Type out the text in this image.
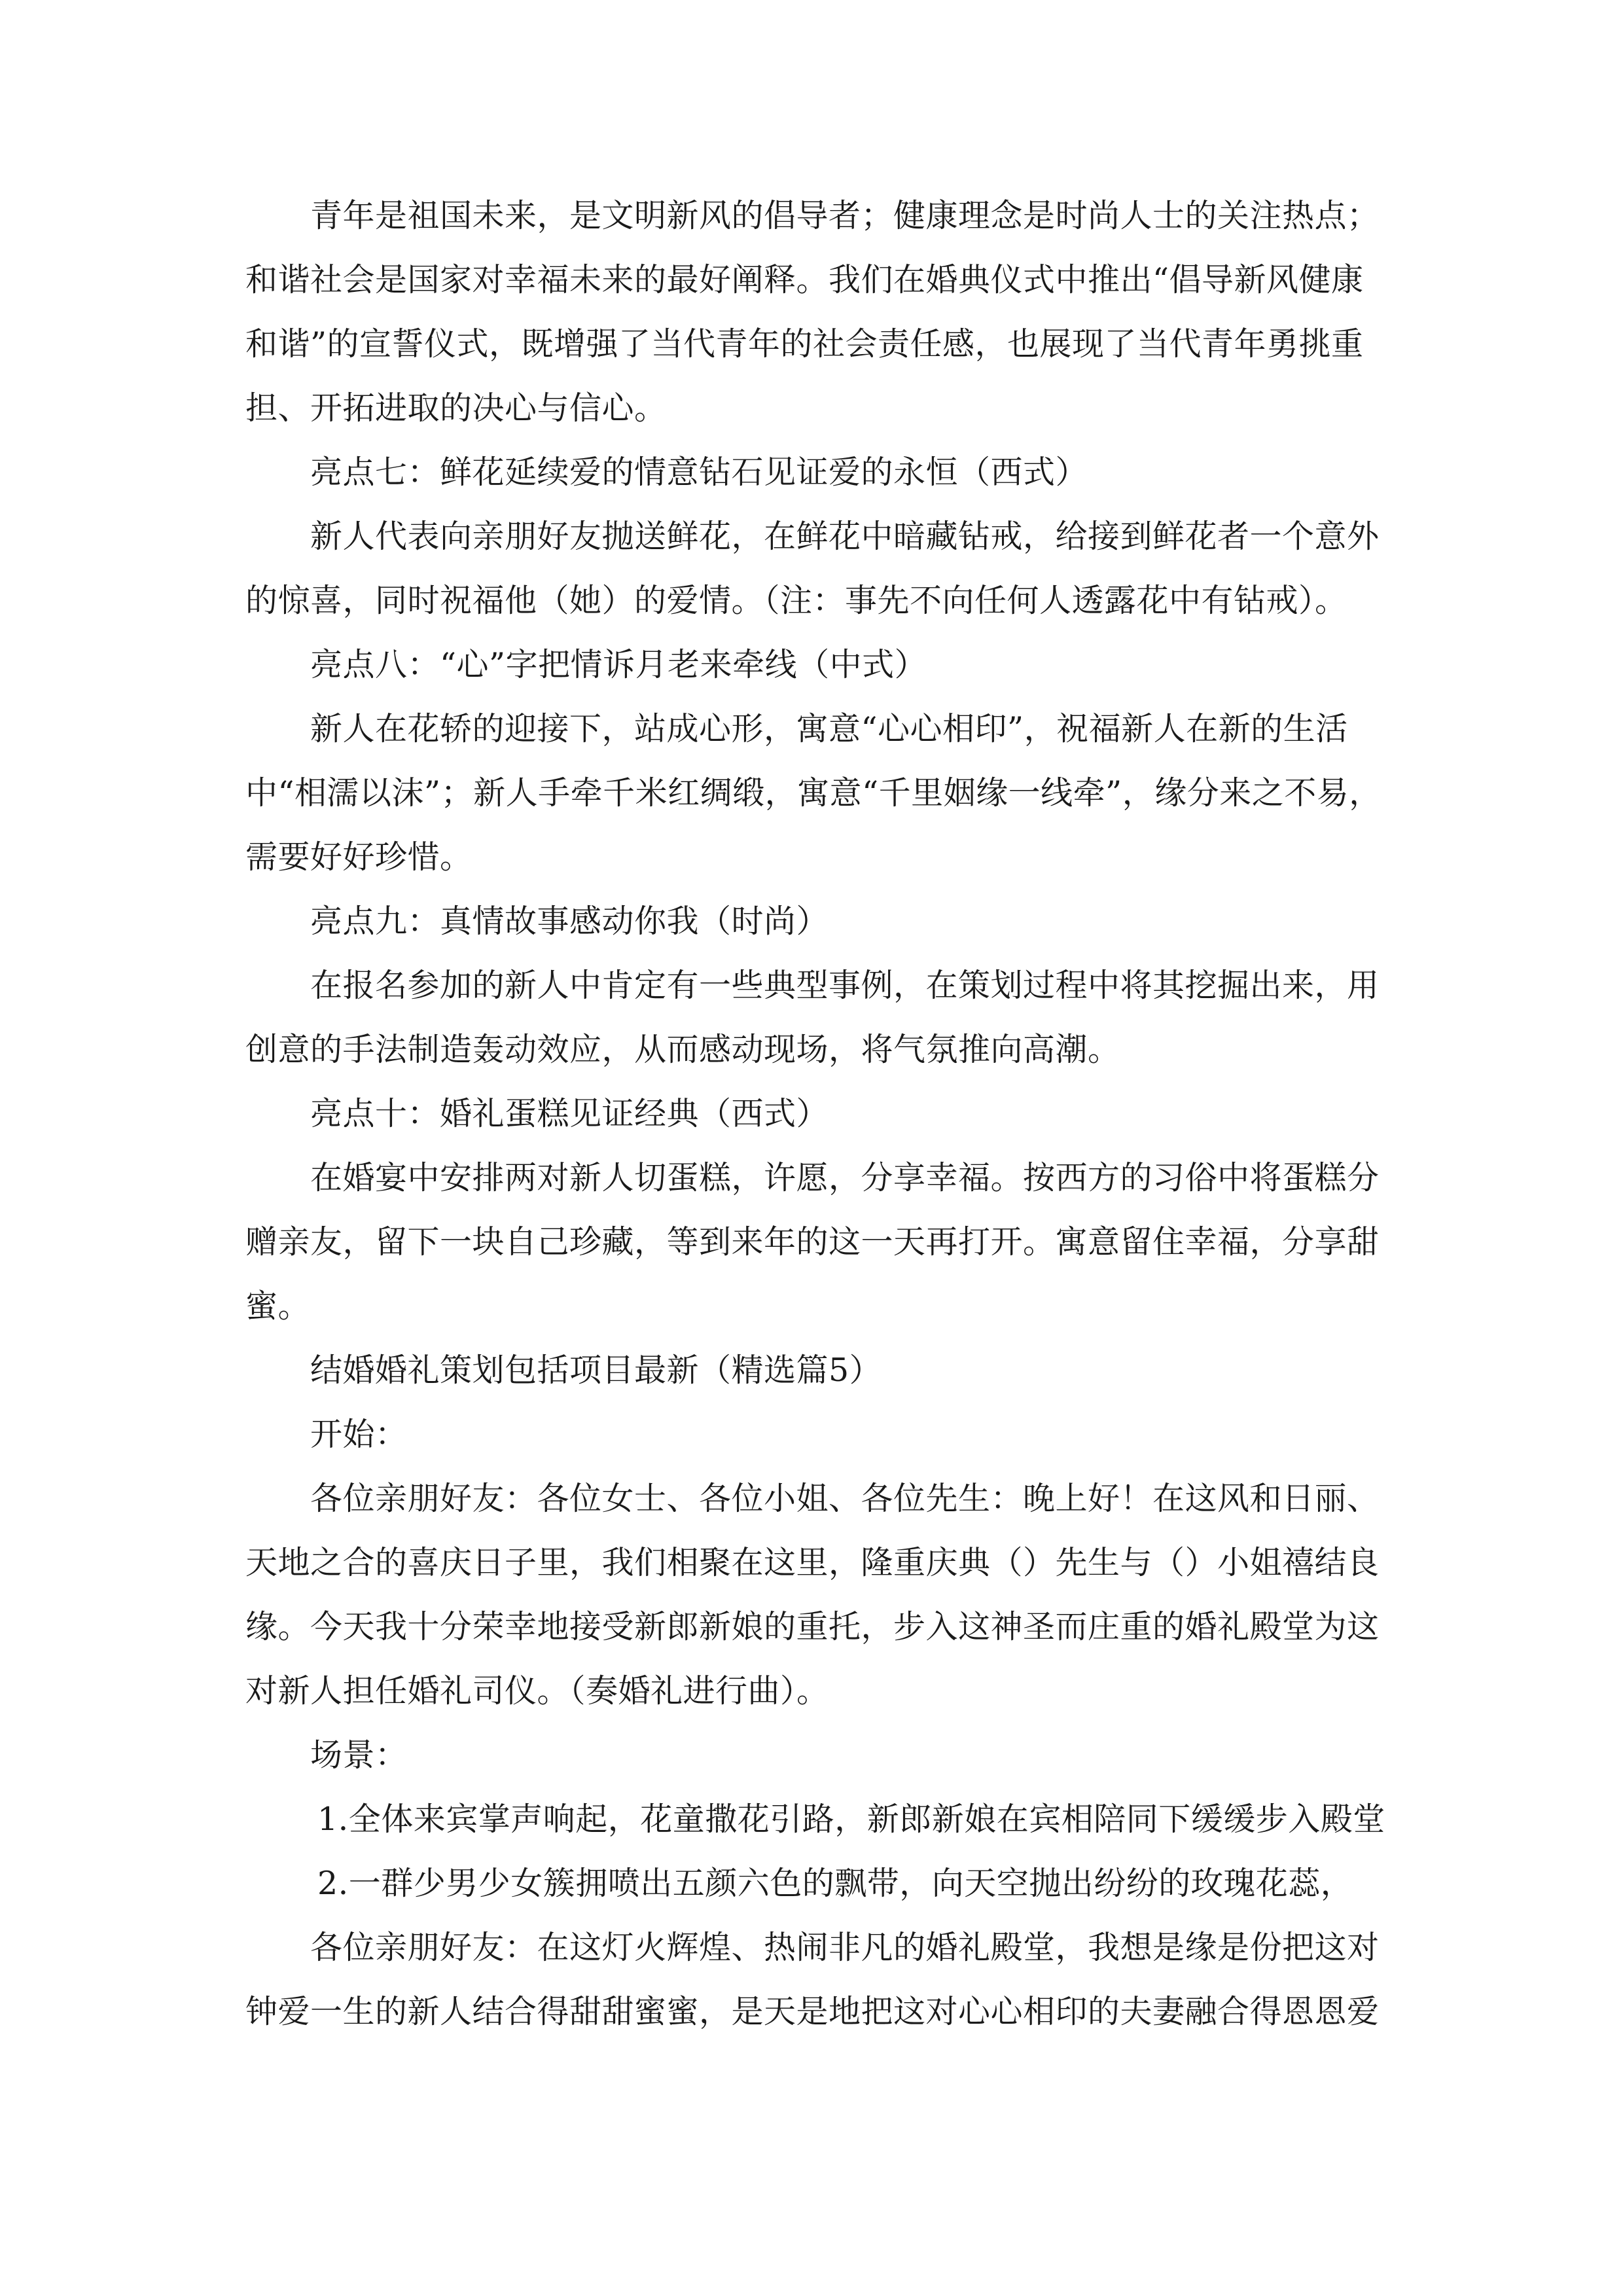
青年是祖国未来，是文明新风的倡导者；健康理念是时尚人士的关注热点；
和谐社会是国家对幸福未来的最好阐释。我们在婚典仪式中推出“倡导新风健康
和谐”的宣誓仪式，既增强了当代青年的社会责任感，也展现了当代青年勇挑重
担、开拓进取的决心与信心。
亮点七：鲜花延续爱的情意钻石见证爱的永恒（西式）
新人代表向亲朋好友抛送鲜花，在鲜花中暗藏钻戒，给接到鲜花者一个意外
的惊喜，同时祝福他（她）的爱情。（注：事先不向任何人透露花中有钻戒）。
亮点八：“心”字把情诉月老来牵线（中式）
新人在花轿的迎接下，站成心形，寓意“心心相印”，祝福新人在新的生活
中“相濡以沫”；新人手牵千米红绸缎，寓意“千里姻缘一线牵”，缘分来之不易，
需要好好珍惜。
亮点九：真情故事感动你我（时尚）
在报名参加的新人中肯定有一些典型事例，在策划过程中将其挖掘出来，用
创意的手法制造轰动效应，从而感动现场，将气氛推向高潮。
亮点十：婚礼蛋糕见证经典（西式）
在婚宴中安排两对新人切蛋糕，许愿，分享幸福。按西方的习俗中将蛋糕分
赠亲友，留下一块自己珍藏，等到来年的这一天再打开。寓意留住幸福，分享甜
蜜。
结婚婚礼策划包括项目最新（精选篇5）
开始：
各位亲朋好友：各位女士、各位小姐、各位先生：晚上好！在这风和日丽、
天地之合的喜庆日子里，我们相聚在这里，隆重庆典（）先生与（）小姐禧结良
缘。今天我十分荣幸地接受新郎新娘的重托，步入这神圣而庄重的婚礼殿堂为这
对新人担任婚礼司仪。（奏婚礼进行曲）。
场景：
1.全体来宾掌声响起，花童撒花引路，新郎新娘在宾相陪同下缓缓步入殿堂
2.一群少男少女簇拥喷出五颜六色的飘带，向天空抛出纷纷的玫瑰花蕊，
各位亲朋好友：在这灯火辉煌、热闹非凡的婚礼殿堂，我想是缘是份把这对
钟爱一生的新人结合得甜甜蜜蜜，是天是地把这对心心相印的夫妻融合得恩恩爱
